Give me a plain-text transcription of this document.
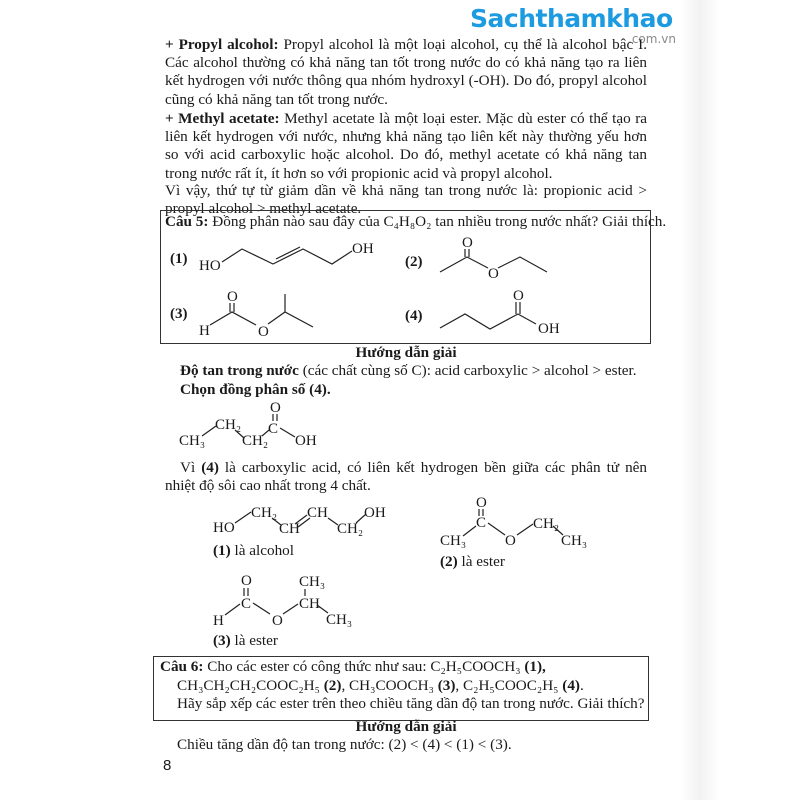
Sachthamkhao
.com.vn
+ Propyl alcohol: Propyl alcohol là một loại alcohol, cụ thể là alcohol bậc I. Các alcohol thường có khả năng tan tốt trong nước do có khả năng tạo ra liên kết hydrogen với nước thông qua nhóm hydroxyl (-OH). Do đó, propyl alcohol cũng có khả năng tan tốt trong nước.
+ Methyl acetate: Methyl acetate là một loại ester. Mặc dù ester có thể tạo ra liên kết hydrogen với nước, nhưng khả năng tạo liên kết này thường yếu hơn so với acid carboxylic hoặc alcohol. Do đó, methyl acetate có khả năng tan trong nước rất ít, ít hơn so với propionic acid và propyl alcohol.
Vì vậy, thứ tự từ giảm dần về khả năng tan trong nước là: propionic acid > propyl alcohol > methyl acetate.
Câu 5: Đồng phân nào sau đây của C₄H₈O₂ tan nhiều trong nước nhất? Giải thích.
Hướng dẫn giải
Độ tan trong nước (các chất cùng số C): acid carboxylic > alcohol > ester.
Chọn đồng phân số (4).
Vì (4) là carboxylic acid, có liên kết hydrogen bền giữa các phân tử nên nhiệt độ sôi cao nhất trong 4 chất.
(1) là alcohol
(2) là ester
(3) là ester
Câu 6: Cho các ester có công thức như sau: C₂H₅COOCH₃ (1),
CH₃CH₂CH₂COOC₂H₅ (2), CH₃COOCH₃ (3), C₂H₅COOC₂H₅ (4).
Hãy sắp xếp các ester trên theo chiều tăng dần độ tan trong nước. Giải thích?
Hướng dẫn giải
Chiều tăng dần độ tan trong nước: (2) < (4) < (1) < (3).
8
(1)	(2)
(3)	(4)
HO
OH
O
O
H	O
O
OH
O
CH₃
CH₂
CH₂
C
O
OH
HO
CH₂
CH
CH
CH₂
OH
O
C
CH₃	O
CH₂
CH₃
O
C
H	O
CH
CH₃
CH₃
